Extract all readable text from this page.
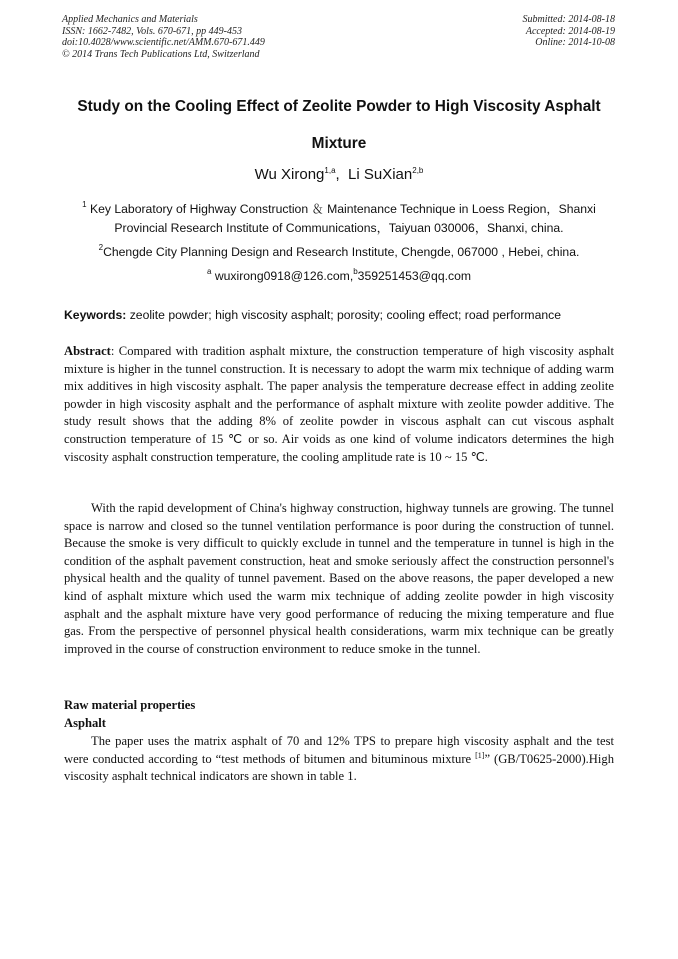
Applied Mechanics and Materials
ISSN: 1662-7482, Vols. 670-671, pp 449-453
doi:10.4028/www.scientific.net/AMM.670-671.449
© 2014 Trans Tech Publications Ltd, Switzerland
Submitted: 2014-08-18
Accepted: 2014-08-19
Online: 2014-10-08
Study on the Cooling Effect of Zeolite Powder to High Viscosity Asphalt Mixture
Wu Xirong$^{1,a}$,  Li SuXian$^{2,b}$
$^1$ Key Laboratory of Highway Construction ＆ Maintenance Technique in Loess Region，Shanxi Provincial Research Institute of Communications，Taiyuan 030006，Shanxi, china.
$^2$Chengde City Planning Design and Research Institute, Chengde, 067000 , Hebei, china.
$^a$ wuxirong0918@126.com,$^b$359251453@qq.com
Keywords: zeolite powder; high viscosity asphalt; porosity; cooling effect; road performance
Abstract: Compared with tradition asphalt mixture, the construction temperature of high viscosity asphalt mixture is higher in the tunnel construction. It is necessary to adopt the warm mix technique of adding warm mix additives in high viscosity asphalt. The paper analysis the temperature decrease effect in adding zeolite powder in high viscosity asphalt and the performance of asphalt mixture with zeolite powder additive. The study result shows that the adding 8% of zeolite powder in viscous asphalt can cut viscous asphalt construction temperature of 15 ℃ or so. Air voids as one kind of volume indicators determines the high viscosity asphalt construction temperature, the cooling amplitude rate is 10 ~ 15 ℃.
With the rapid development of China's highway construction, highway tunnels are growing. The tunnel space is narrow and closed so the tunnel ventilation performance is poor during the construction of tunnel. Because the smoke is very difficult to quickly exclude in tunnel and the temperature in tunnel is high in the condition of the asphalt pavement construction, heat and smoke seriously affect the construction personnel's physical health and the quality of tunnel pavement. Based on the above reasons, the paper developed a new kind of asphalt mixture which used the warm mix technique of adding zeolite powder in high viscosity asphalt and the asphalt mixture have very good performance of reducing the mixing temperature and flue gas. From the perspective of personnel physical health considerations, warm mix technique can be greatly improved in the course of construction environment to reduce smoke in the tunnel.
Raw material properties
Asphalt
The paper uses the matrix asphalt of 70 and 12% TPS to prepare high viscosity asphalt and the test were conducted according to “test methods of bitumen and bituminous mixture [1]” (GB/T0625-2000).High viscosity asphalt technical indicators are shown in table 1.
